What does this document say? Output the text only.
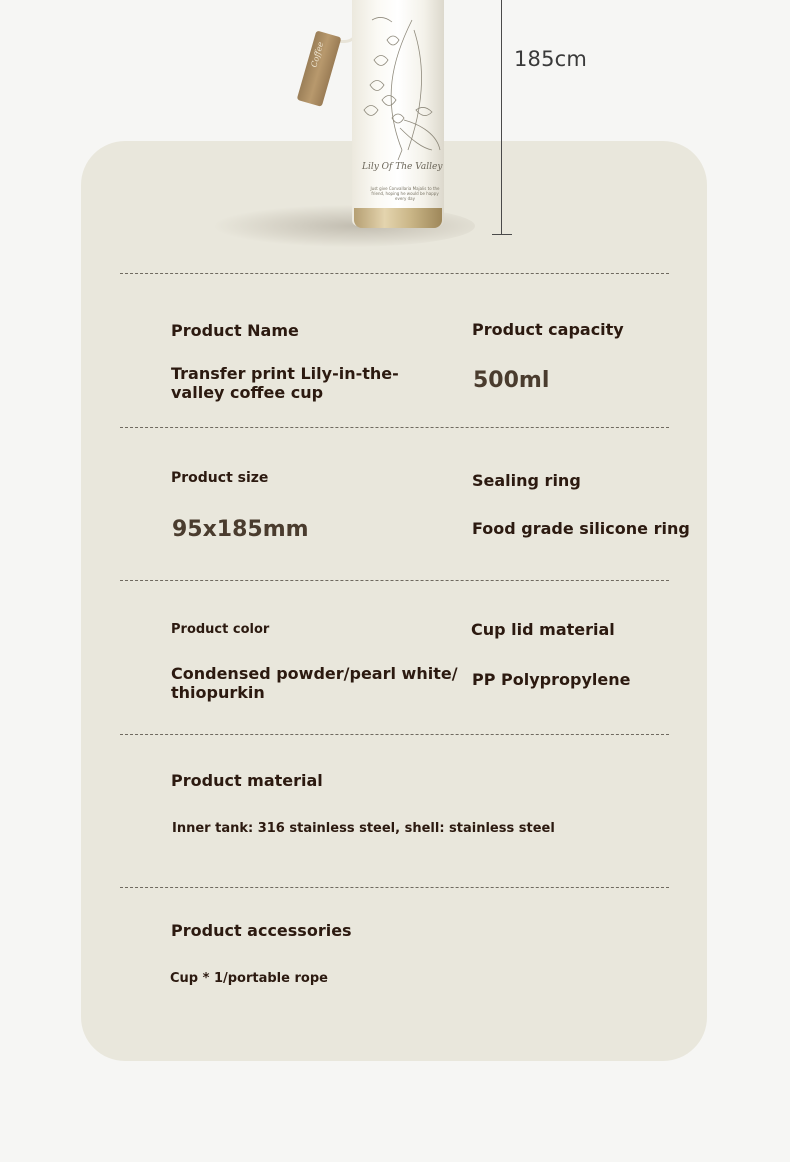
Coffee
Lily Of The Valley
Just give Convallaria Majalis to the friend, hoping he would be happy every day
185cm
Product Name
Transfer print Lily-in-the-
valley coffee cup
Product capacity
500ml
Product size
95x185mm
Sealing ring
Food grade silicone ring
Product color
Condensed powder/pearl white/
thiopurkin
Cup lid material
PP Polypropylene
Product material
Inner tank: 316 stainless steel, shell: stainless steel
Product accessories
Cup * 1/portable rope
